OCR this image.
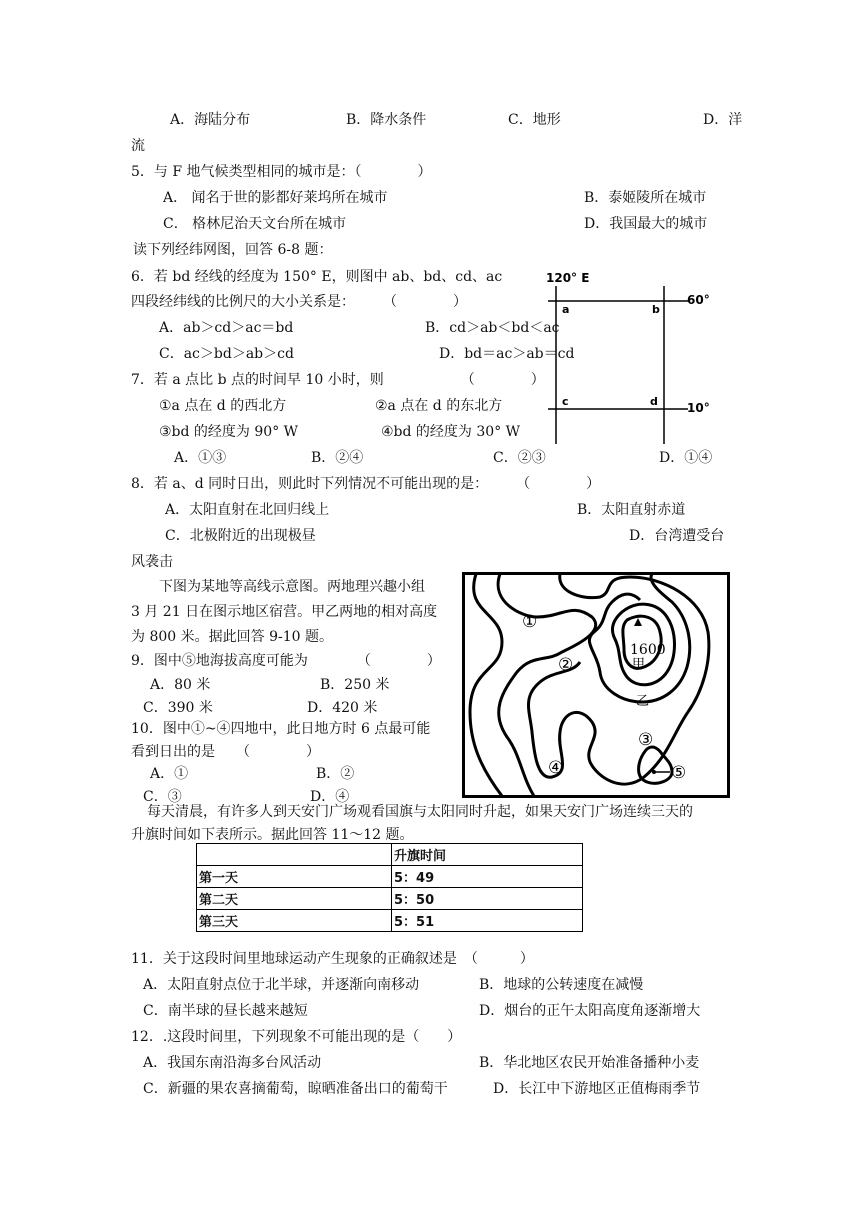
A．海陆分布	B．降水条件	C．地形	D．洋
流
5．与 F 地气候类型相同的城市是：（　　　　）
A． 闻名于世的影都好莱坞所在城市	B．泰姬陵所在城市
C． 格林尼治天文台所在城市	D．我国最大的城市
读下列经纬网图，回答 6-8 题：
6．若 bd 经线的经度为 150° E，则图中 ab、bd、cd、ac
四段经纬线的比例尺的大小关系是：　　　（　　　　）
A．ab＞cd＞ac＝bd	B．cd＞ab＜bd＜ac
C．ac＞bd＞ab＞cd	D．bd＝ac＞ab＝cd
7．若 a 点比 b 点的时间早 10 小时，则　　　　　　（　　　　）
①a 点在 d 的西北方	②a 点在 d 的东北方
③bd 的经度为 90° W	④bd 的经度为 30° W
A．①③	B．②④	C．②③	D．①④
8．若 a、d 同时日出，则此时下列情况不可能出现的是：　　　（　　　　）
A．太阳直射在北回归线上	B．太阳直射赤道
C．北极附近的出现极昼	D．台湾遭受台
风袭击
下图为某地等高线示意图。两地理兴趣小组
3 月 21 日在图示地区宿营。甲乙两地的相对高度
为 800 米。据此回答 9-10 题。
9．图中⑤地海拔高度可能为　　　　（　　　　）
A．80 米	B．250 米
C．390 米	D．420 米
10．图中①~④四地中，此日地方时 6 点最可能
看到日出的是　　（　　　　）
A．①	B．②
C．③	D．④
每天清晨，有许多人到天安门广场观看国旗与太阳同时升起，如果天安门广场连续三天的
升旗时间如下表所示。据此回答 11～12 题。
	升旗时间
第一天	5：49
第二天	5：50
第三天	5：51
11．关于这段时间里地球运动产生现象的正确叙述是　（　　　）
A．太阳直射点位于北半球，并逐渐向南移动	B．地球的公转速度在减慢
C．南半球的昼长越来越短	D．烟台的正午太阳高度角逐渐增大
12．.这段时间里，下列现象不可能出现的是（　　）
A．我国东南沿海多台风活动	B．华北地区农民开始准备播种小麦
C．新疆的果农喜摘葡萄，晾晒准备出口的葡萄干	D．长江中下游地区正值梅雨季节
120° E
60°
10°
a	b
c	d
1600
甲
乙
①
②
③
④	⑤
